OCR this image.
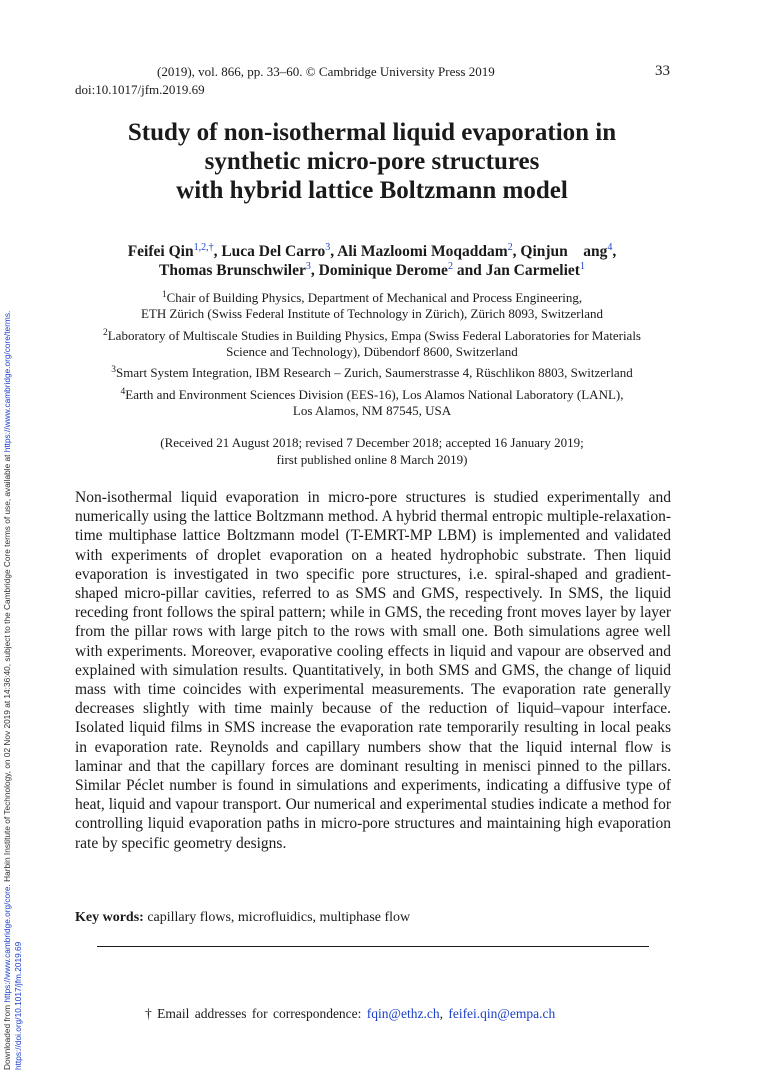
(2019), vol. 866, pp. 33–60. © Cambridge University Press 2019	33
doi:10.1017/jfm.2019.69
Study of non-isothermal liquid evaporation in
synthetic micro-pore structures
with hybrid lattice Boltzmann model
Feifei Qin$^{1,2,\dagger}$, Luca Del Carro$^3$, Ali Mazloomi Moqaddam$^2$, Qinjun    ang$^4$,
Thomas Brunschwiler$^3$, Dominique Derome$^2$ and Jan Carmeliet$^1$
$^1$Chair of Building Physics, Department of Mechanical and Process Engineering,
ETH Zürich (Swiss Federal Institute of Technology in Zürich), Zürich 8093, Switzerland
$^2$Laboratory of Multiscale Studies in Building Physics, Empa (Swiss Federal Laboratories for Materials
Science and Technology), Dübendorf 8600, Switzerland
$^3$Smart System Integration, IBM Research – Zurich, Saumerstrasse 4, Rüschlikon 8803, Switzerland
$^4$Earth and Environment Sciences Division (EES-16), Los Alamos National Laboratory (LANL),
Los Alamos, NM 87545, USA
(Received 21 August 2018; revised 7 December 2018; accepted 16 January 2019;
first published online 8 March 2019)
Non-isothermal liquid evaporation in micro-pore structures is studied experimentally and numerically using the lattice Boltzmann method. A hybrid thermal entropic multiple-relaxation-time multiphase lattice Boltzmann model (T-EMRT-MP LBM) is implemented and validated with experiments of droplet evaporation on a heated hydrophobic substrate. Then liquid evaporation is investigated in two specific pore structures, i.e. spiral-shaped and gradient-shaped micro-pillar cavities, referred to as SMS and GMS, respectively. In SMS, the liquid receding front follows the spiral pattern; while in GMS, the receding front moves layer by layer from the pillar rows with large pitch to the rows with small one. Both simulations agree well with experiments. Moreover, evaporative cooling effects in liquid and vapour are observed and explained with simulation results. Quantitatively, in both SMS and GMS, the change of liquid mass with time coincides with experimental measurements. The evaporation rate generally decreases slightly with time mainly because of the reduction of liquid–vapour interface. Isolated liquid films in SMS increase the evaporation rate temporarily resulting in local peaks in evaporation rate. Reynolds and capillary numbers show that the liquid internal flow is laminar and that the capillary forces are dominant resulting in menisci pinned to the pillars. Similar Péclet number is found in simulations and experiments, indicating a diffusive type of heat, liquid and vapour transport. Our numerical and experimental studies indicate a method for controlling liquid evaporation paths in micro-pore structures and maintaining high evaporation rate by specific geometry designs.
Key words: capillary flows, microfluidics, multiphase flow
† Email addresses for correspondence: fqin@ethz.ch, feifei.qin@empa.ch
Downloaded from https://www.cambridge.org/core. Harbin Institute of Technology, on 02 Nov 2019 at 14:36:40, subject to the Cambridge Core terms of use, available at https://www.cambridge.org/core/terms.
https://doi.org/10.1017/jfm.2019.69
